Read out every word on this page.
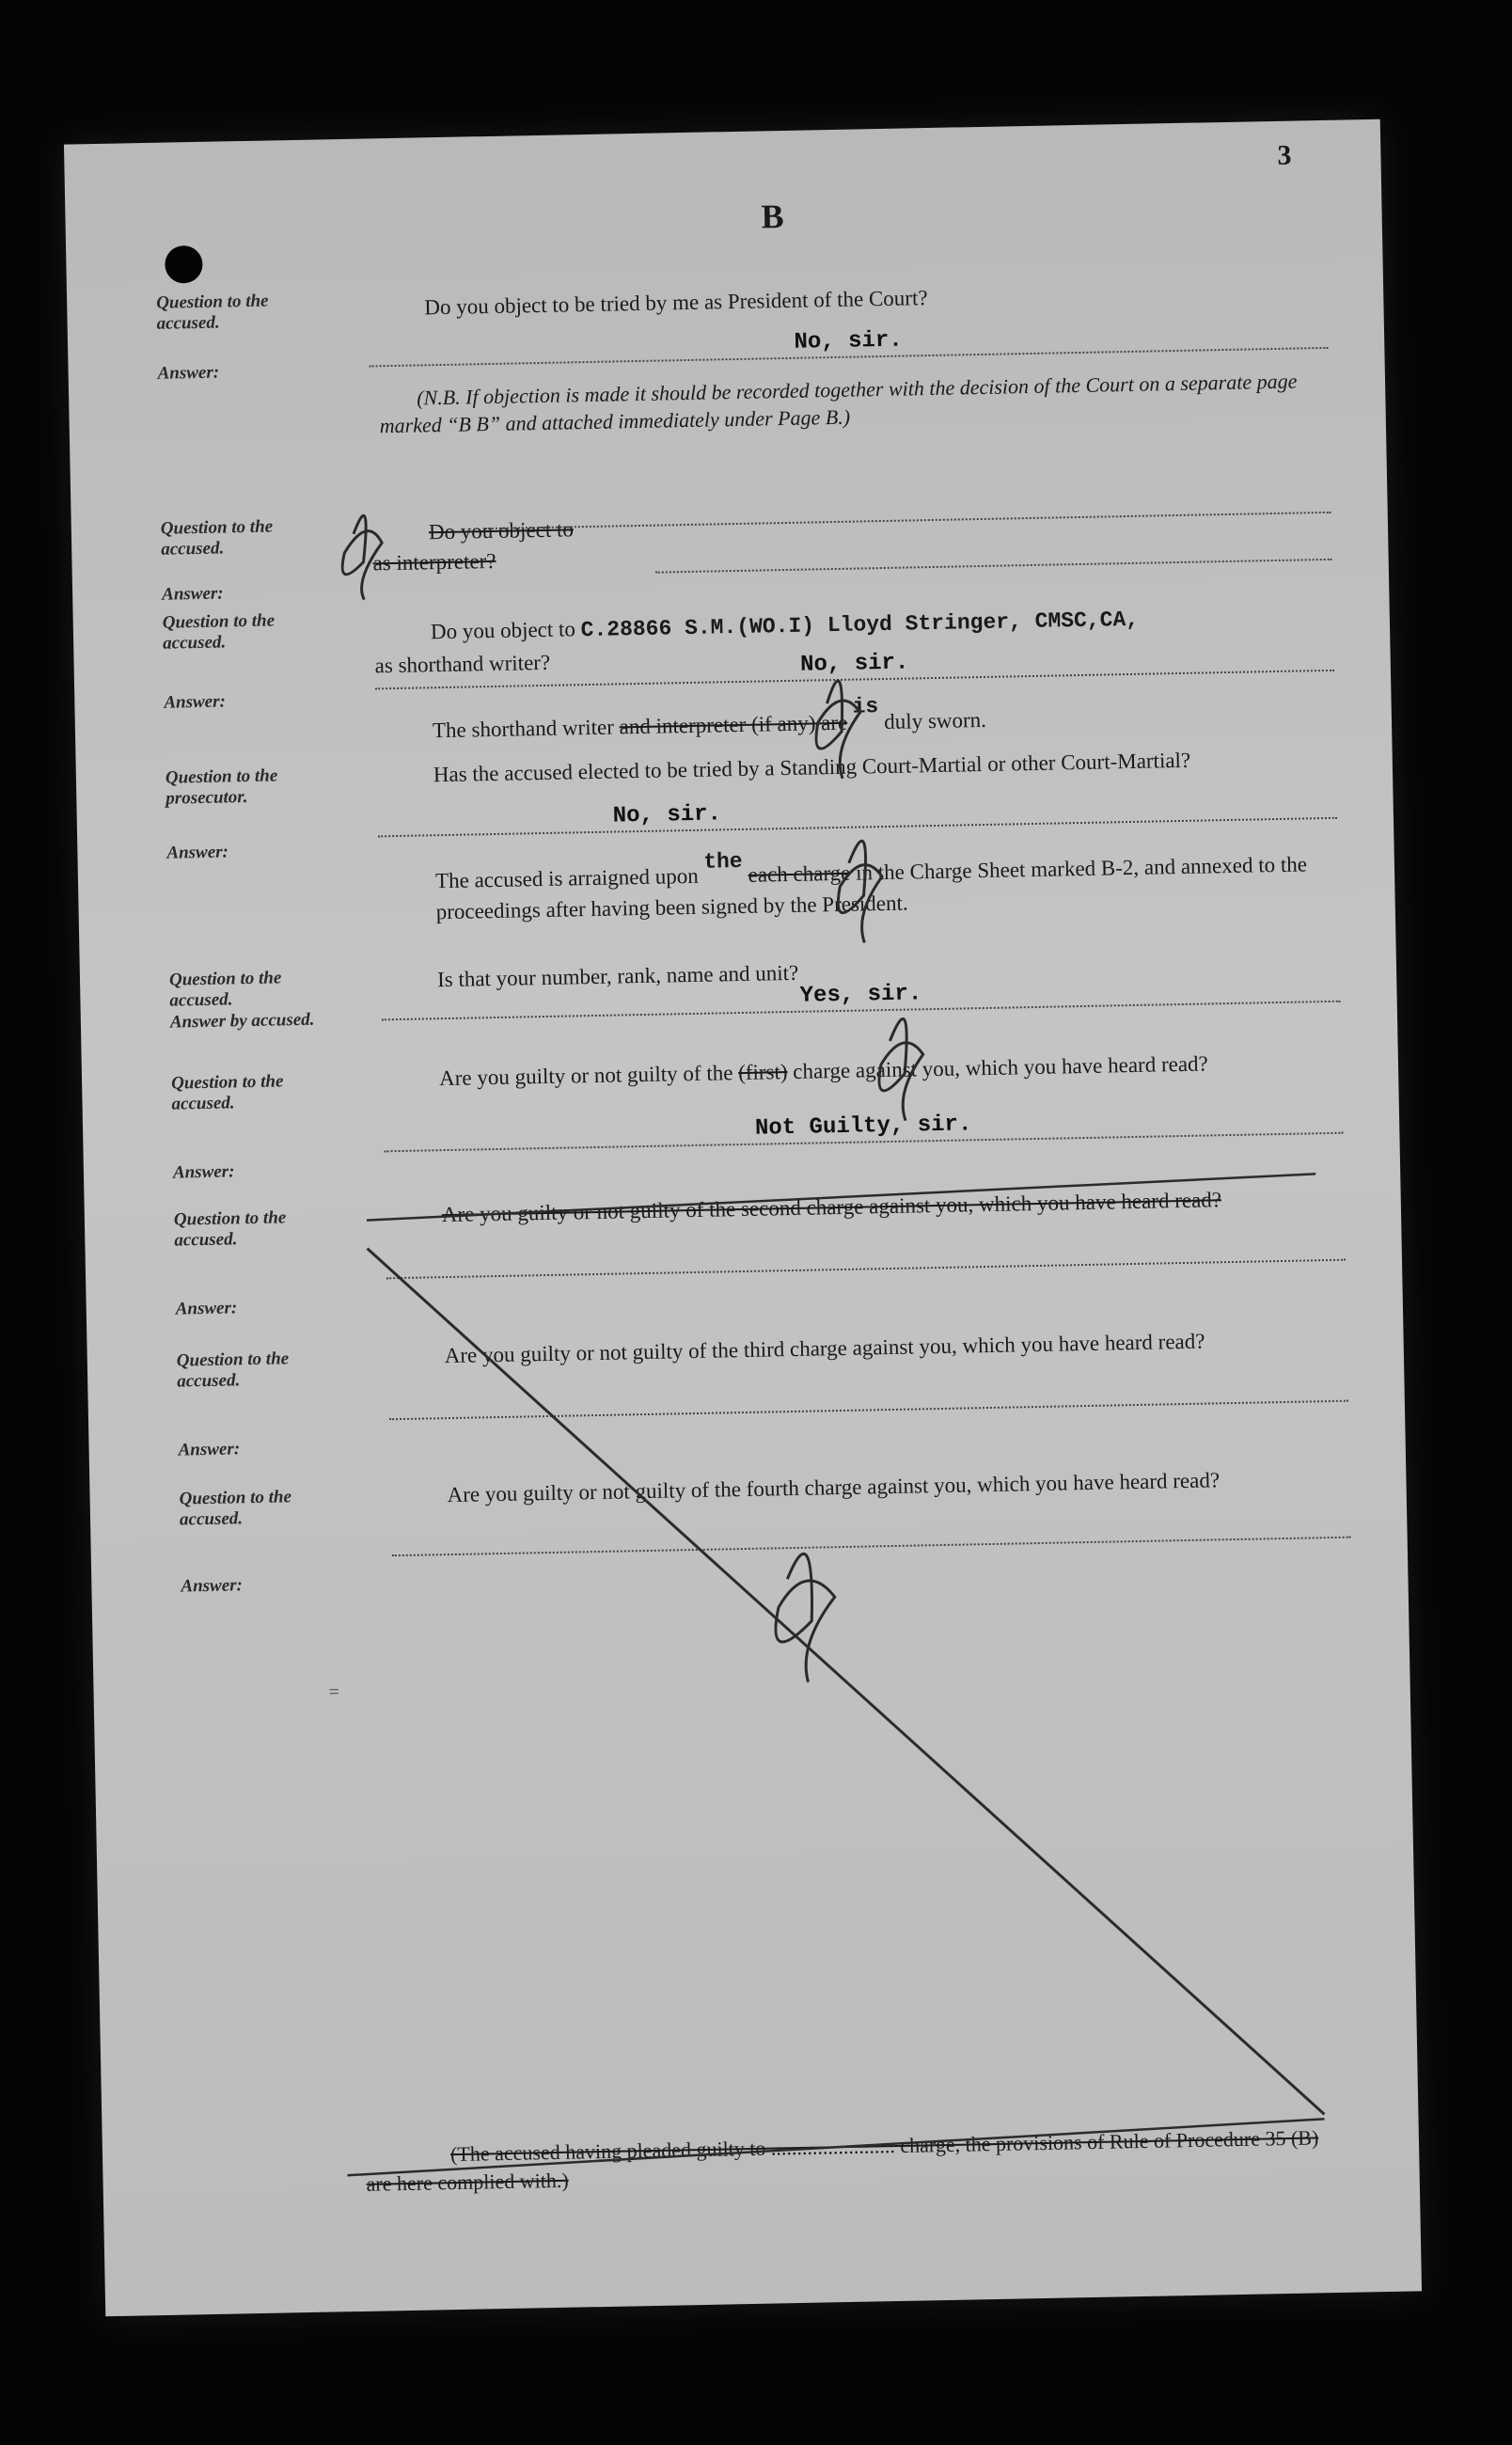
3
B
Question to the accused.
Do you object to be tried by me as President of the Court?
Answer:
No, sir.
(N.B. If objection is made it should be recorded together with the decision of the Court on a separate page marked “B B” and attached immediately under Page B.)
Question to the accused.
Do you object to
as interpreter?
Answer:
Question to the accused.	Do you object to C.28866 S.M.(WO.I) Lloyd Stringer, CMSC,CA,
as shorthand writer?	No, sir.
Answer:
The shorthand writer and interpreter (if any) are is duly sworn.
Question to the prosecutor.
Has the accused elected to be tried by a Standing Court-Martial or other Court-Martial?
No, sir.
Answer:
The accused is arraigned upon the each charge in the Charge Sheet marked B-2, and annexed to the proceedings after having been signed by the President.
Question to the accused.
Is that your number, rank, name and unit?
Answer by accused.
Yes, sir.
Question to the accused.
Are you guilty or not guilty of the (first) charge against you, which you have heard read?
Not Guilty, sir.
Answer:
Question to the accused.
Are you guilty or not guilty of the second charge against you, which you have heard read?
Answer:
Question to the accused.
Are you guilty or not guilty of the third charge against you, which you have heard read?
Answer:
Question to the accused.
Are you guilty or not guilty of the fourth charge against you, which you have heard read?
Answer:
=
(The accused having pleaded guilty to ........................ charge, the provisions of Rule of Procedure 35 (B) are here complied with.)
